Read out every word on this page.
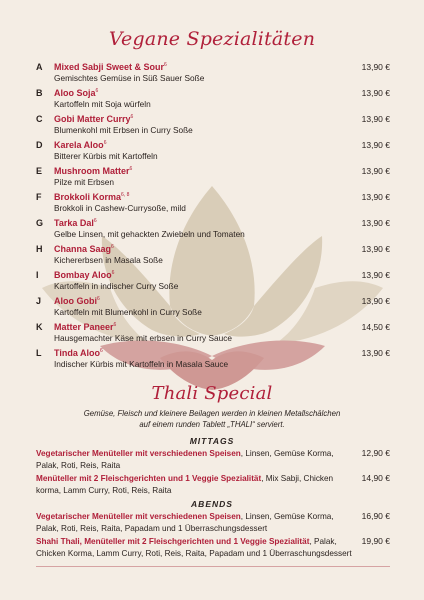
Vegane Spezialitäten
A Mixed Sabji Sweet & Sour$^6$
Gemischtes Gemüse in Süß Sauer Soße
13,90 €
B Aloo Soja$^6$
Kartoffeln mit Soja würfeln
13,90 €
C Gobi Matter Curry$^6$
Blumenkohl mit Erbsen in Curry Soße
13,90 €
D Karela Aloo$^6$
Bitterer Kürbis mit Kartoffeln
13,90 €
E Mushroom Matter$^6$
Pilze mit Erbsen
13,90 €
F Brokkoli Korma$^{6, 8}$
Brokkoli in Cashew-Currysoße, mild
13,90 €
G Tarka Dal$^6$
Gelbe Linsen, mit gehackten Zwiebeln und Tomaten
13,90 €
H Channa Saag$^6$
Kichererbsen in Masala Soße
13,90 €
I Bombay Aloo$^6$
Kartoffeln in indischer Curry Soße
13,90 €
J Aloo Gobi$^6$
Kartoffeln mit Blumenkohl in Curry Soße
13,90 €
K Matter Paneer$^6$
Hausgemachter Käse mit erbsen in Curry Sauce
14,50 €
L Tinda Aloo$^6$
Indischer Kürbis mit Kartoffeln in Masala Sauce
13,90 €
Thali Special
Gemüse, Fleisch und kleinere Beilagen werden in kleinen Metallschälchen
auf einem runden Tablett „THALI“ serviert.
MITTAGS
Vegetarischer Menüteller mit verschiedenen Speisen, Linsen, Gemüse Korma, Palak, Roti, Reis, Raita
12,90 €
Menüteller mit 2 Fleischgerichten und 1 Veggie Spezialität, Mix Sabji, Chicken korma, Lamm Curry, Roti, Reis, Raita
14,90 €
ABENDS
Vegetarischer Menüteller mit verschiedenen Speisen, Linsen, Gemüse Korma, Palak, Roti, Reis, Raita, Papadam und 1 Überraschungsdessert
16,90 €
Shahi Thali, Menüteller mit 2 Fleischgerichten und 1 Veggie Spezialität, Palak, Chicken Korma, Lamm Curry, Roti, Reis, Raita, Papadam und 1 Überraschungsdessert
19,90 €
